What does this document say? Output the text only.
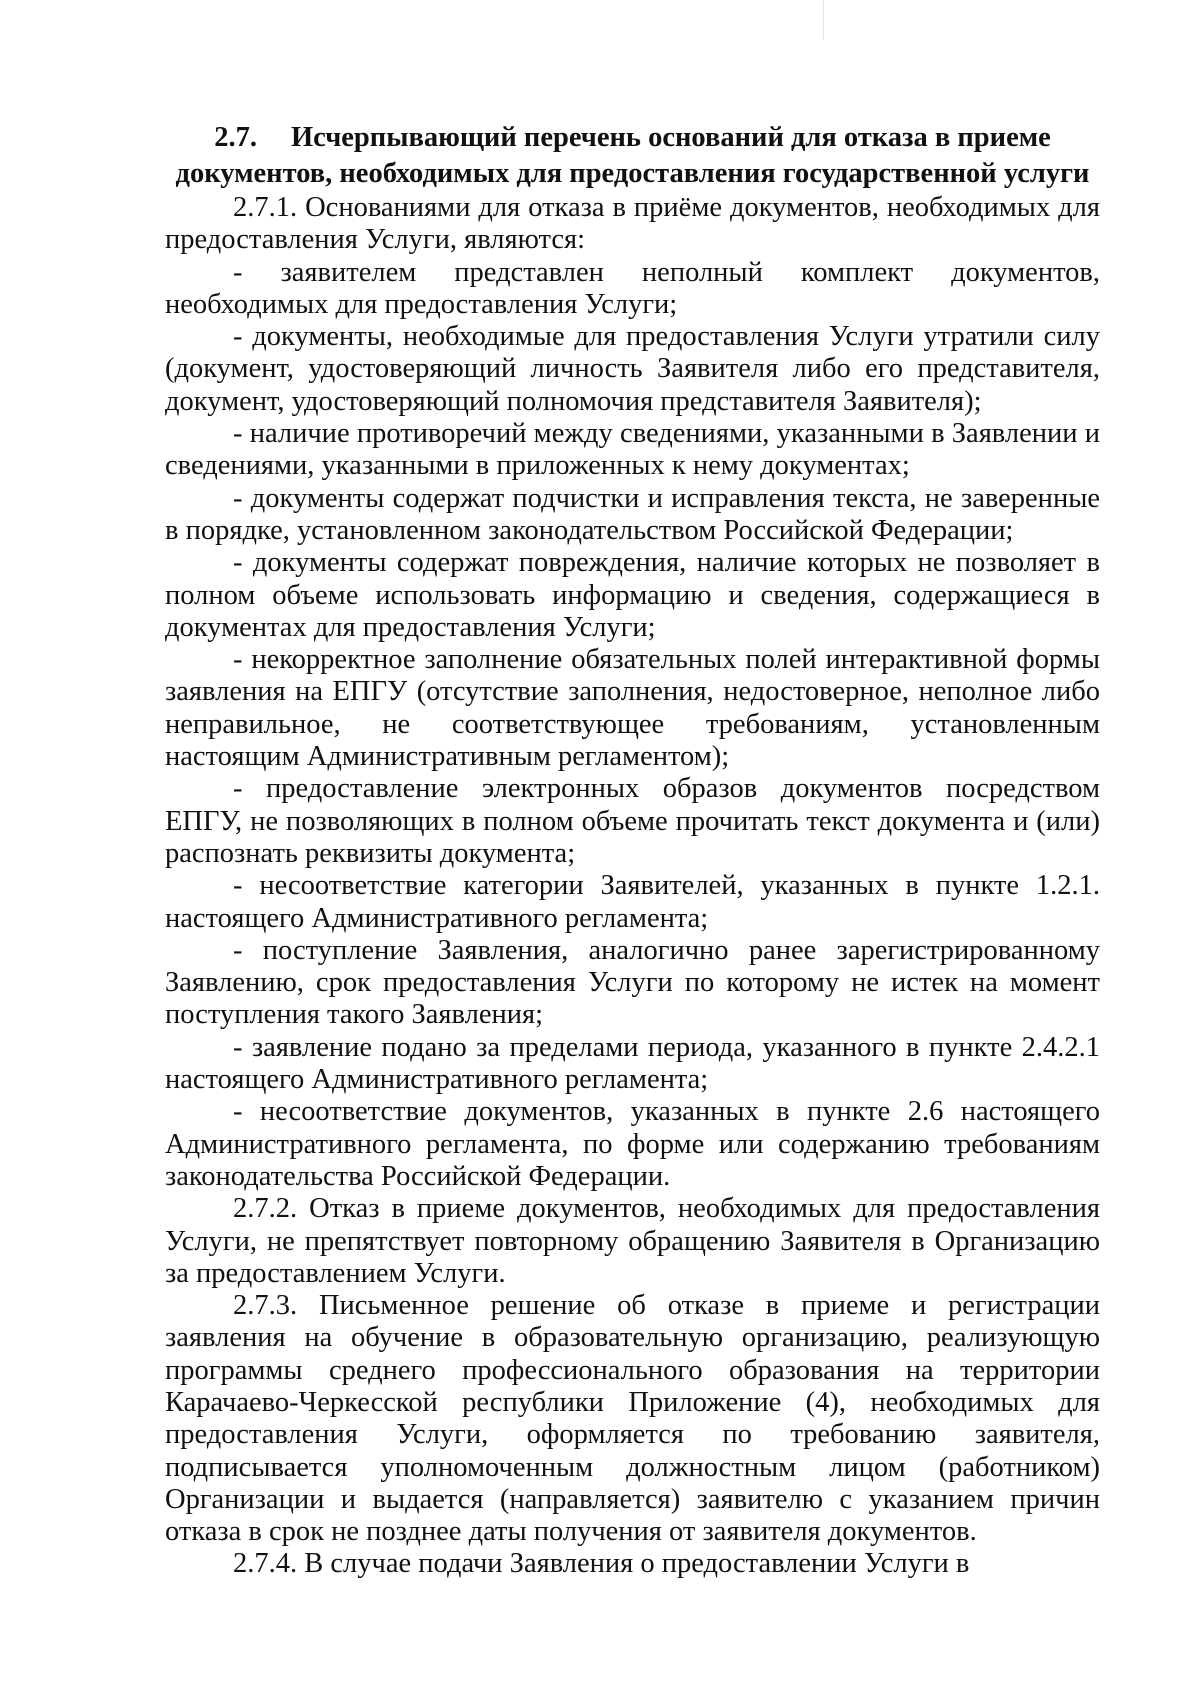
2.7. Исчерпывающий перечень оснований для отказа в приеме

документов, необходимых для предоставления государственной услуги

2.7.1. Основаниями для отказа в приёме документов, необходимых для предоставления Услуги, являются:

- заявителем представлен неполный комплект документов, необходимых для предоставления Услуги;

- документы, необходимые для предоставления Услуги утратили силу (документ, удостоверяющий личность Заявителя либо его представителя, документ, удостоверяющий полномочия представителя Заявителя);

- наличие противоречий между сведениями, указанными в Заявлении и сведениями, указанными в приложенных к нему документах;

- документы содержат подчистки и исправления текста, не заверенные в порядке, установленном законодательством Российской Федерации;

- документы содержат повреждения, наличие которых не позволяет в полном объеме использовать информацию и сведения, содержащиеся в документах для предоставления Услуги;

- некорректное заполнение обязательных полей интерактивной формы заявления на ЕПГУ (отсутствие заполнения, недостоверное, неполное либо неправильное, не соответствующее требованиям, установленным настоящим Административным регламентом);

- предоставление электронных образов документов посредством ЕПГУ, не позволяющих в полном объеме прочитать текст документа и (или) распознать реквизиты документа;

- несоответствие категории Заявителей, указанных в пункте 1.2.1. настоящего Административного регламента;

- поступление Заявления, аналогично ранее зарегистрированному Заявлению, срок предоставления Услуги по которому не истек на момент поступления такого Заявления;

- заявление подано за пределами периода, указанного в пункте 2.4.2.1 настоящего Административного регламента;

- несоответствие документов, указанных в пункте 2.6 настоящего Административного регламента, по форме или содержанию требованиям законодательства Российской Федерации.

2.7.2. Отказ в приеме документов, необходимых для предоставления Услуги, не препятствует повторному обращению Заявителя в Организацию за предоставлением Услуги.

2.7.3. Письменное решение об отказе в приеме и регистрации заявления на обучение в образовательную организацию, реализующую программы среднего профессионального образования на территории Карачаево-Черкесской республики Приложение (4), необходимых для предоставления Услуги, оформляется по требованию заявителя, подписывается уполномоченным должностным лицом (работником) Организации и выдается (направляется) заявителю с указанием причин отказа в срок не позднее даты получения от заявителя документов.

2.7.4. В случае подачи Заявления о предоставлении Услуги в
